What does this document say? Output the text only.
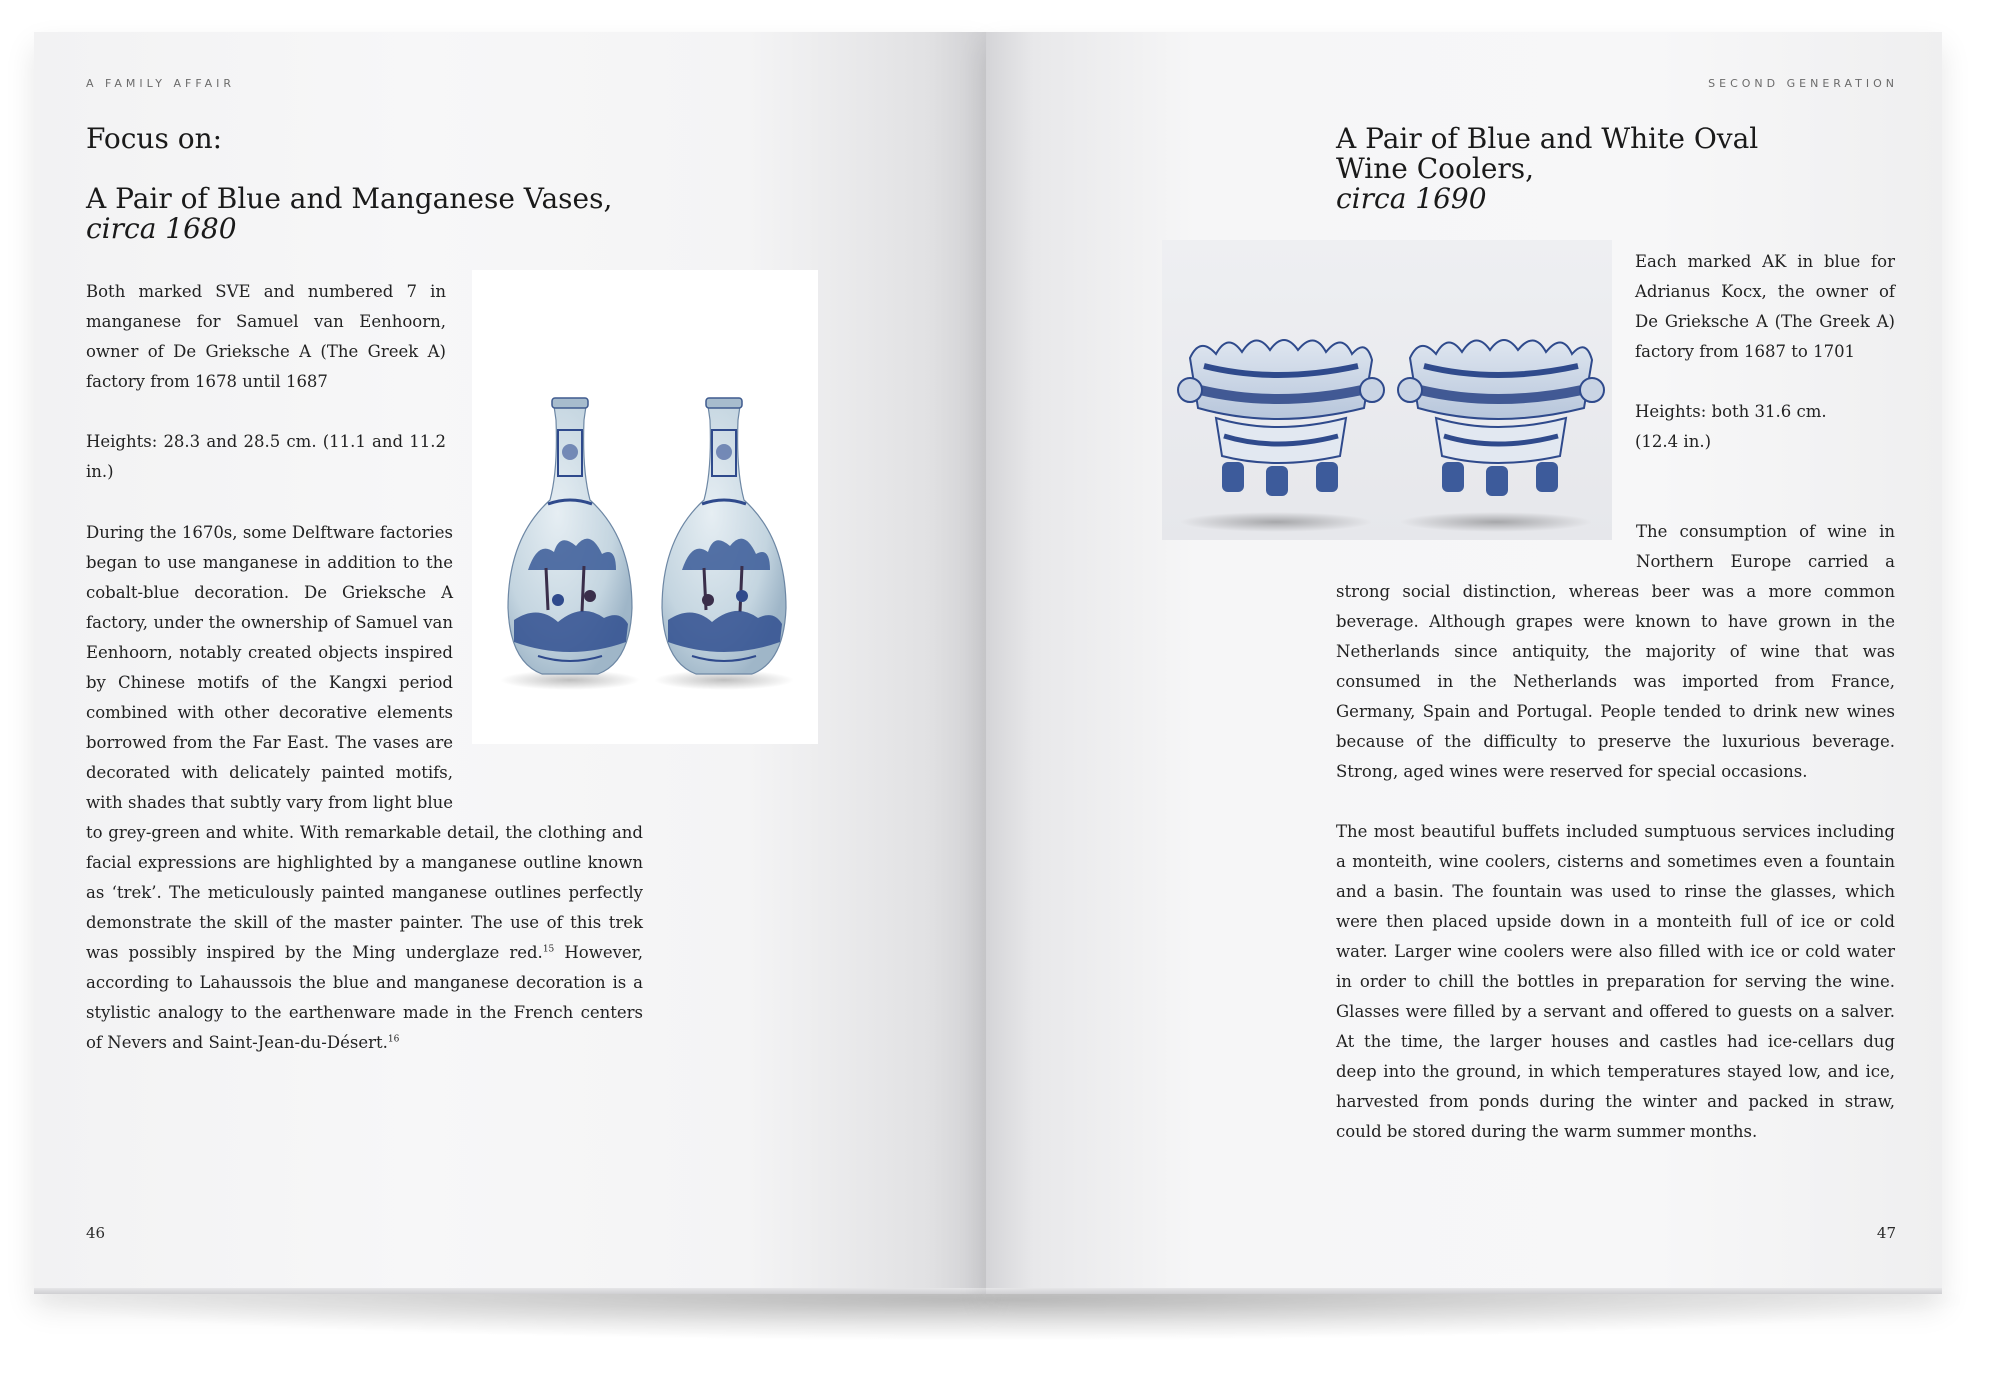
A FAMILY AFFAIR
Focus on:
A Pair of Blue and Manganese Vases,
circa 1680

Both marked SVE and numbered 7 in manganese for Samuel van Eenhoorn, owner of De Grieksche A (The Greek A) factory from 1678 until 1687

Heights: 28.3 and 28.5 cm. (11.1 and 11.2 in.)

During the 1670s, some Delftware factories began to use manganese in addition to the cobalt-blue decoration. De Grieksche A factory, under the ownership of Samuel van Eenhoorn, notably created objects inspired by Chinese motifs of the Kangxi period combined with other decorative elements borrowed from the Far East. The vases are decorated with delicately painted motifs, with shades that subtly vary from light blue to grey-green and white. With remarkable detail, the clothing and facial expressions are highlighted by a manganese outline known as ‘trek’. The meticulously painted manganese outlines perfectly demonstrate the skill of the master painter. The use of this trek was possibly inspired by the Ming underglaze red.$^{15}$ However, according to Lahaussois the blue and manganese decoration is a stylistic analogy to the earthenware made in the French centers of Nevers and Saint-Jean-du-Désert.$^{16}$
46
SECOND GENERATION
A Pair of Blue and White Oval Wine Coolers,
circa 1690

Each marked AK in blue for Adrianus Kocx, the owner of De Grieksche A (The Greek A) factory from 1687 to 1701

Heights: both 31.6 cm.
(12.4 in.)

The consumption of wine in Northern Europe carried a strong social distinction, whereas beer was a more common beverage. Although grapes were known to have grown in the Netherlands since antiquity, the majority of wine that was consumed in the Netherlands was imported from France, Germany, Spain and Portugal. People tended to drink new wines because of the difficulty to preserve the luxurious beverage. Strong, aged wines were reserved for special occasions.

The most beautiful buffets included sumptuous services including a monteith, wine coolers, cisterns and sometimes even a fountain and a basin. The fountain was used to rinse the glasses, which were then placed upside down in a monteith full of ice or cold water. Larger wine coolers were also filled with ice or cold water in order to chill the bottles in preparation for serving the wine. Glasses were filled by a servant and offered to guests on a salver. At the time, the larger houses and castles had ice-cellars dug deep into the ground, in which temperatures stayed low, and ice, harvested from ponds during the winter and packed in straw, could be stored during the warm summer months.

47
